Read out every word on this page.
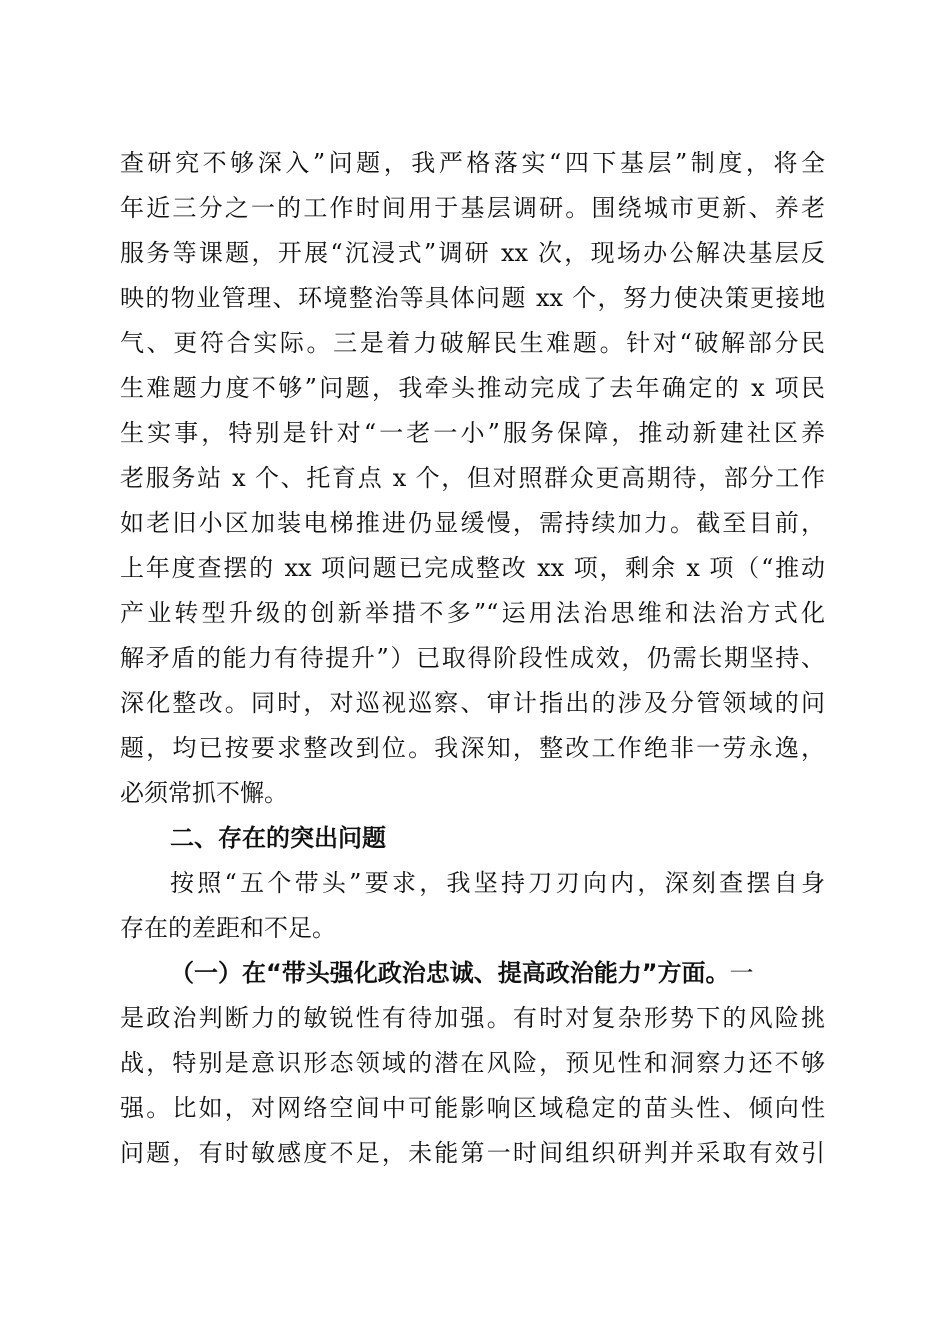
查研究不够深入”问题，我严格落实“四下基层”制度，将全
年近三分之一的工作时间用于基层调研。围绕城市更新、养老
服务等课题，开展“沉浸式”调研 xx 次，现场办公解决基层反
映的物业管理、环境整治等具体问题 xx 个，努力使决策更接地
气、更符合实际。三是着力破解民生难题。针对“破解部分民
生难题力度不够”问题，我牵头推动完成了去年确定的 x 项民
生实事，特别是针对“一老一小”服务保障，推动新建社区养
老服务站 x 个、托育点 x 个，但对照群众更高期待，部分工作
如老旧小区加装电梯推进仍显缓慢，需持续加力。截至目前，
上年度查摆的 xx 项问题已完成整改 xx 项，剩余 x 项（“推动
产业转型升级的创新举措不多”“运用法治思维和法治方式化
解矛盾的能力有待提升”）已取得阶段性成效，仍需长期坚持、
深化整改。同时，对巡视巡察、审计指出的涉及分管领域的问
题，均已按要求整改到位。我深知，整改工作绝非一劳永逸，
必须常抓不懈。
二、存在的突出问题
按照“五个带头”要求，我坚持刀刃向内，深刻查摆自身
存在的差距和不足。
（一）在“带头强化政治忠诚、提高政治能力”方面。一
是政治判断力的敏锐性有待加强。有时对复杂形势下的风险挑
战，特别是意识形态领域的潜在风险，预见性和洞察力还不够
强。比如，对网络空间中可能影响区域稳定的苗头性、倾向性
问题，有时敏感度不足，未能第一时间组织研判并采取有效引
